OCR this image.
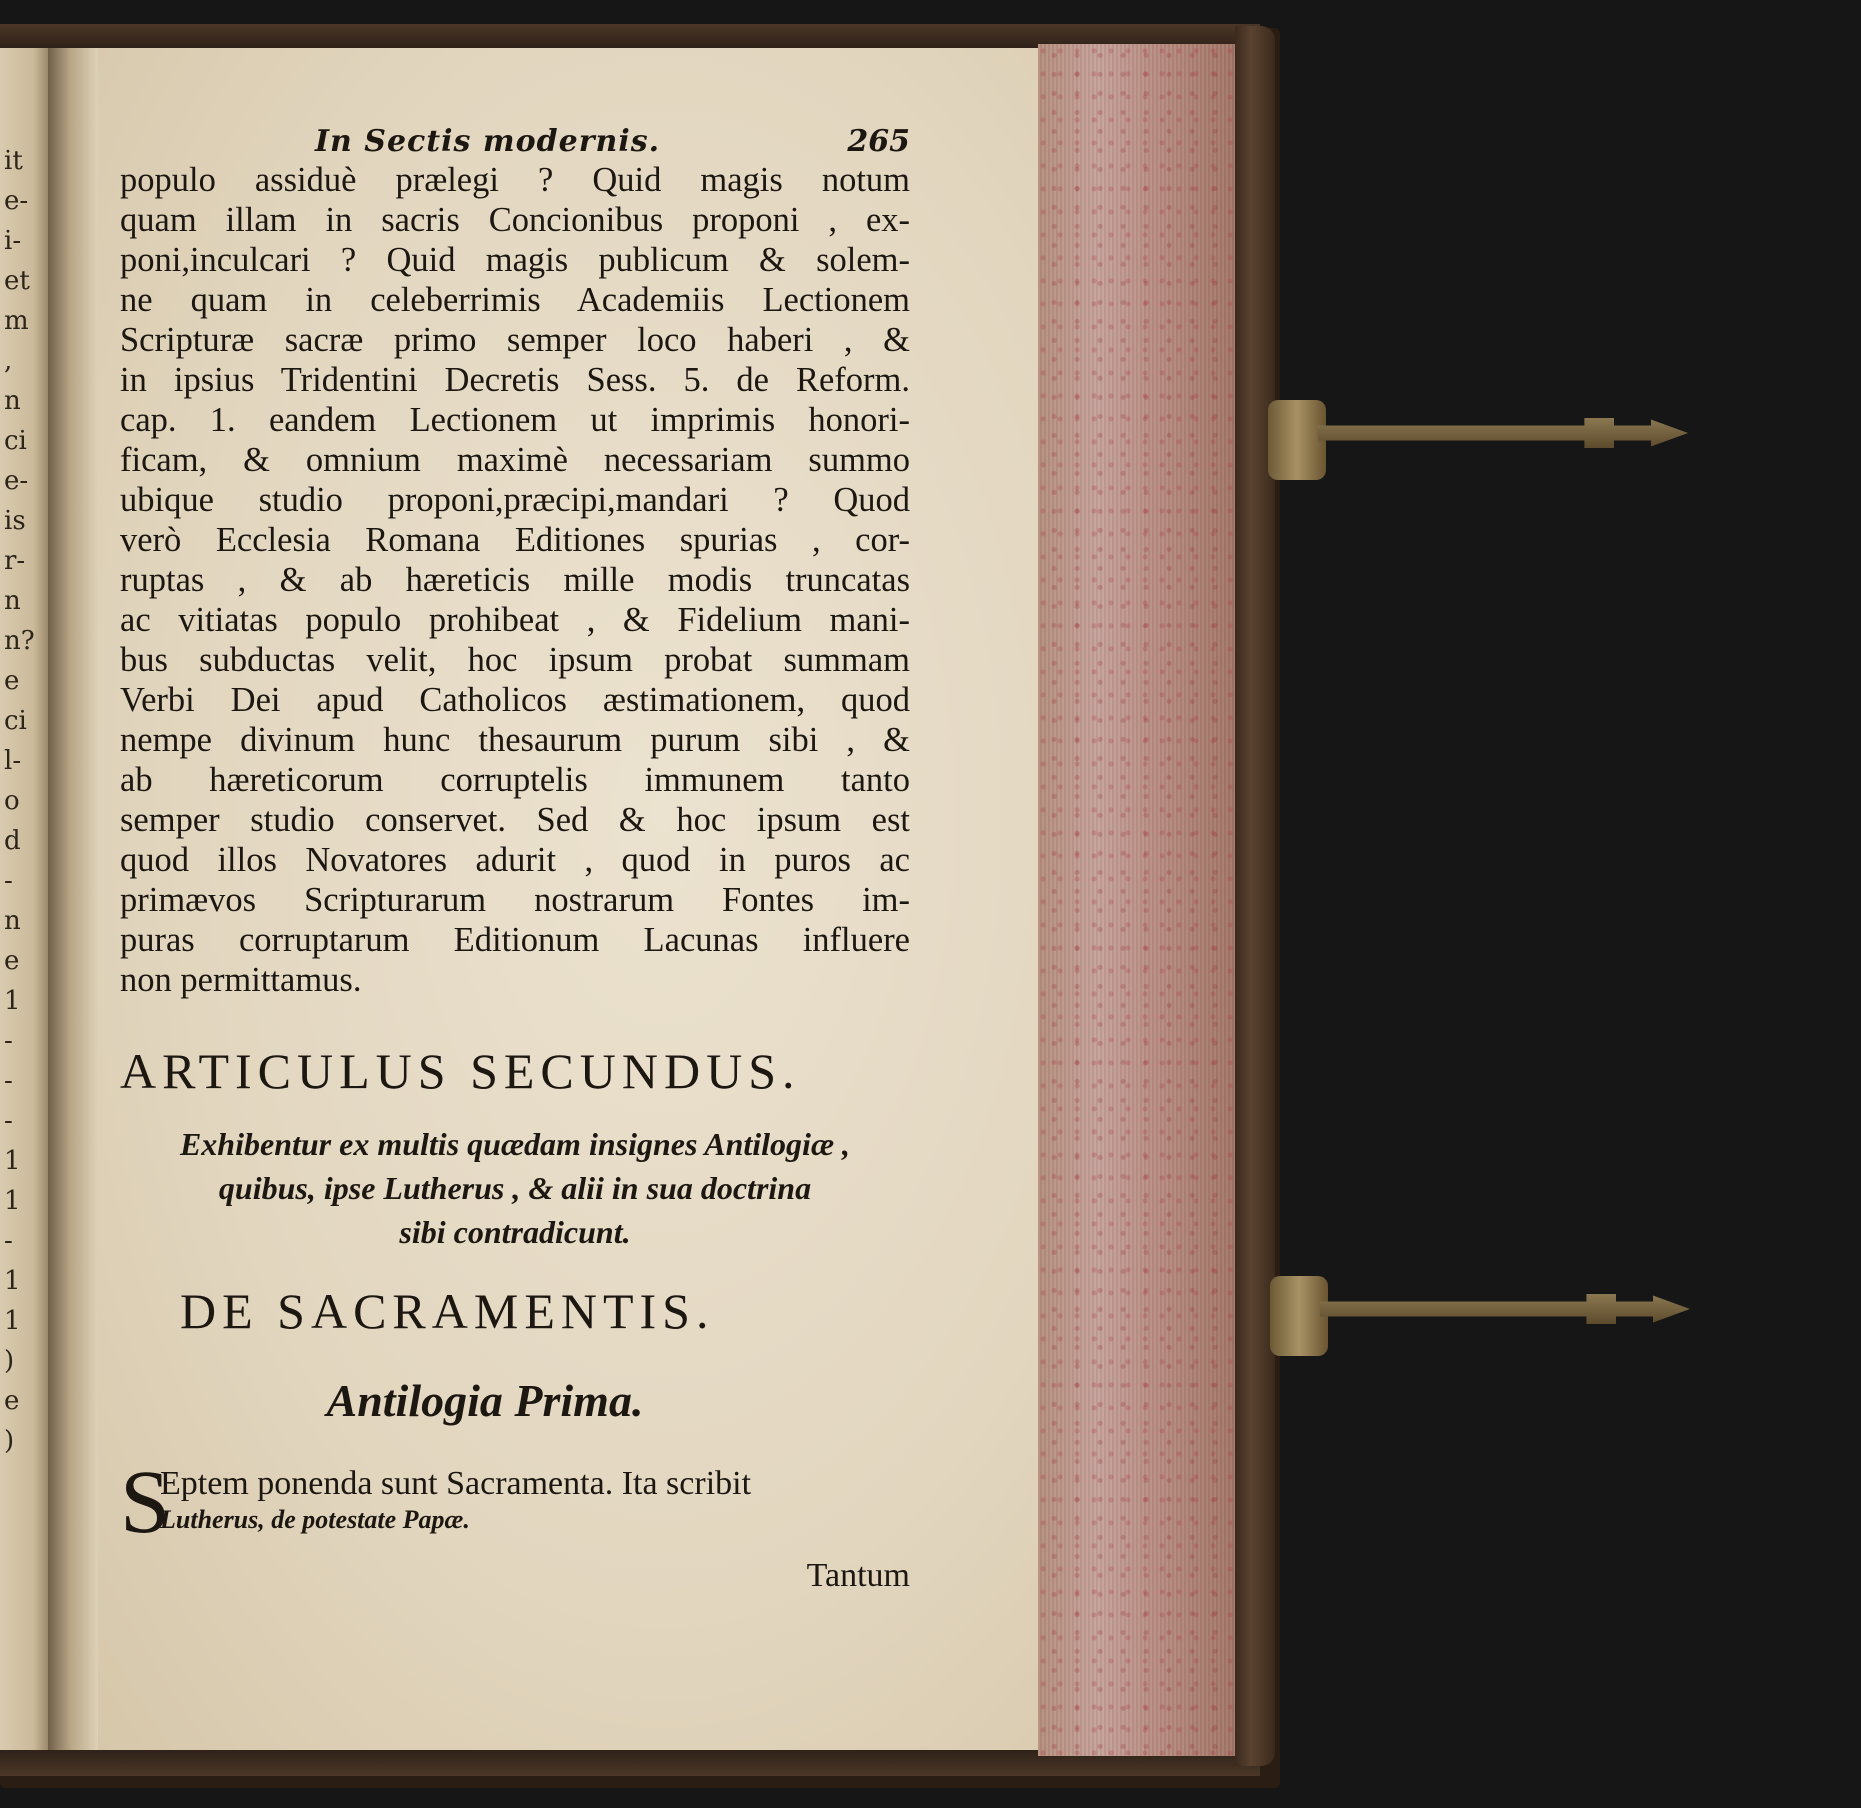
it
e-
i-
et
m
,
n
ci
e-
is
r-
n
n?
e
ci
l-
o
d
-
n
e
1
-
-
-
1
1
-
1
1
)
e
)
In Sectis modernis.	265
populo assiduè prælegi ? Quid magis notum
quam illam in sacris Concionibus proponi , ex-
poni,inculcari ? Quid magis publicum & solem-
ne quam in celeberrimis Academiis Lectionem
Scripturæ sacræ primo semper loco haberi , &
in ipsius Tridentini Decretis Sess. 5. de Reform.
cap. 1. eandem Lectionem ut imprimis honori-
ficam, & omnium maximè necessariam summo
ubique studio proponi,præcipi,mandari ? Quod
verò Ecclesia Romana Editiones spurias , cor-
ruptas , & ab hæreticis mille modis truncatas
ac vitiatas populo prohibeat , & Fidelium mani-
bus subductas velit, hoc ipsum probat summam
Verbi Dei apud Catholicos æstimationem, quod
nempe divinum hunc thesaurum purum sibi , &
ab hæreticorum corruptelis immunem tanto
semper studio conservet. Sed & hoc ipsum est
quod illos Novatores adurit , quod in puros ac
primævos Scripturarum nostrarum Fontes im-
puras corruptarum Editionum Lacunas influere
non permittamus.
ARTICULUS SECUNDUS.
Exhibentur ex multis quædam insignes Antilogiæ ,
quibus, ipse Lutherus , & alii in sua doctrina
sibi contradicunt.
DE SACRAMENTIS.
Antilogia Prima.
S
Eptem ponenda sunt Sacramenta. Ita scribit
Lutherus, de potestate Papæ.
Tantum
